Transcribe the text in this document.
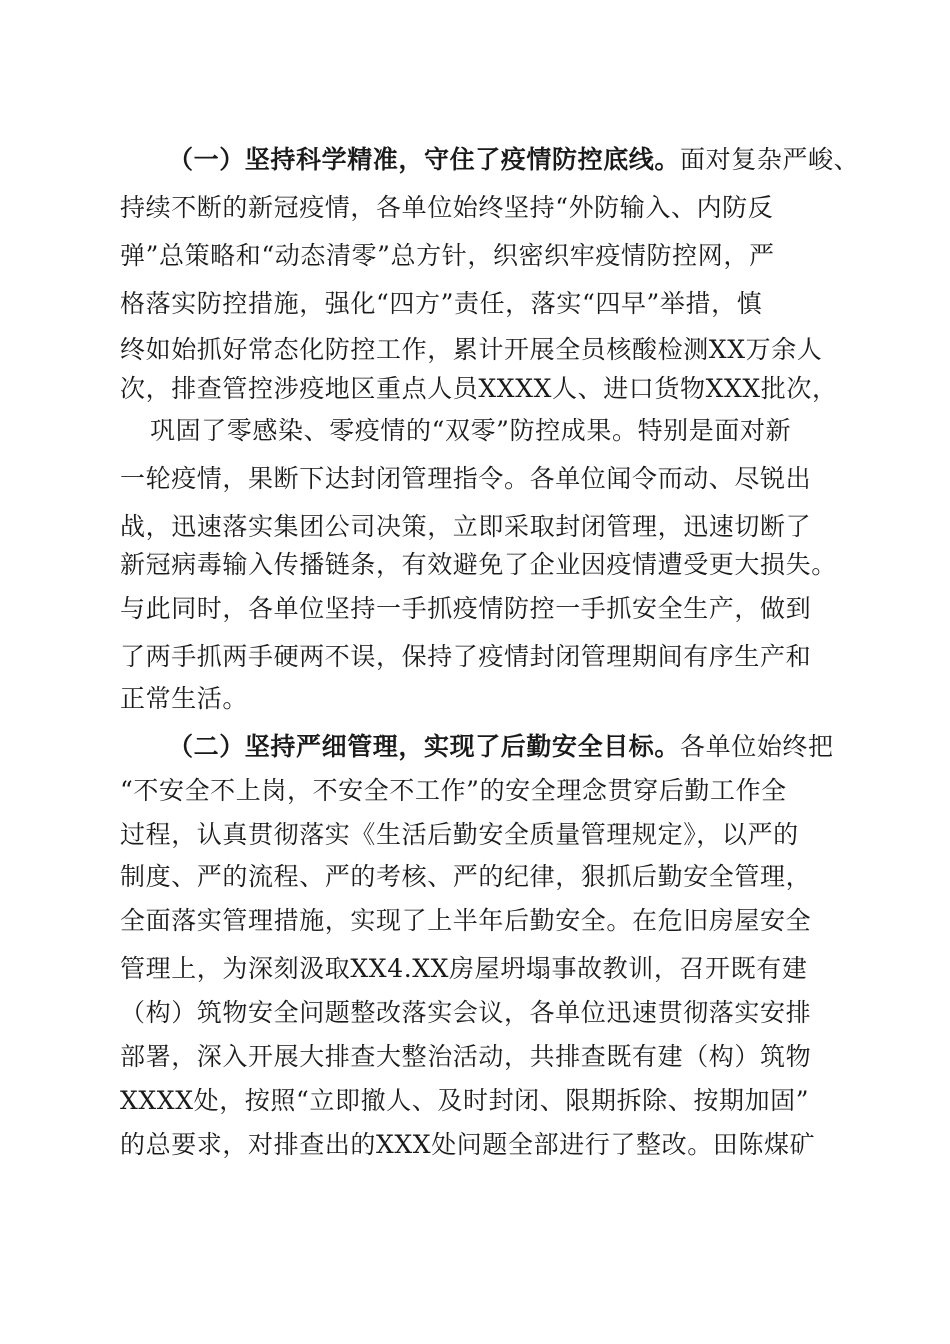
（一）坚持科学精准，守住了疫情防控底线。面对复杂严峻、
持续不断的新冠疫情，各单位始终坚持“外防输入、内防反
弹”总策略和“动态清零”总方针，织密织牢疫情防控网，严
格落实防控措施，强化“四方”责任，落实“四早”举措，慎
终如始抓好常态化防控工作，累计开展全员核酸检测XX万余人
次，排查管控涉疫地区重点人员XXXX人、进口货物XXX批次，
巩固了零感染、零疫情的“双零”防控成果。特别是面对新
一轮疫情，果断下达封闭管理指令。各单位闻令而动、尽锐出
战，迅速落实集团公司决策，立即采取封闭管理，迅速切断了
新冠病毒输入传播链条，有效避免了企业因疫情遭受更大损失。
与此同时，各单位坚持一手抓疫情防控一手抓安全生产，做到
了两手抓两手硬两不误，保持了疫情封闭管理期间有序生产和
正常生活。
（二）坚持严细管理，实现了后勤安全目标。各单位始终把
“不安全不上岗，不安全不工作”的安全理念贯穿后勤工作全
过程，认真贯彻落实《生活后勤安全质量管理规定》，以严的
制度、严的流程、严的考核、严的纪律，狠抓后勤安全管理，
全面落实管理措施，实现了上半年后勤安全。在危旧房屋安全
管理上，为深刻汲取XX4.XX房屋坍塌事故教训，召开既有建
（构）筑物安全问题整改落实会议，各单位迅速贯彻落实安排
部署，深入开展大排查大整治活动，共排查既有建（构）筑物
XXXX处，按照“立即撤人、及时封闭、限期拆除、按期加固”
的总要求，对排查出的XXX处问题全部进行了整改。田陈煤矿
